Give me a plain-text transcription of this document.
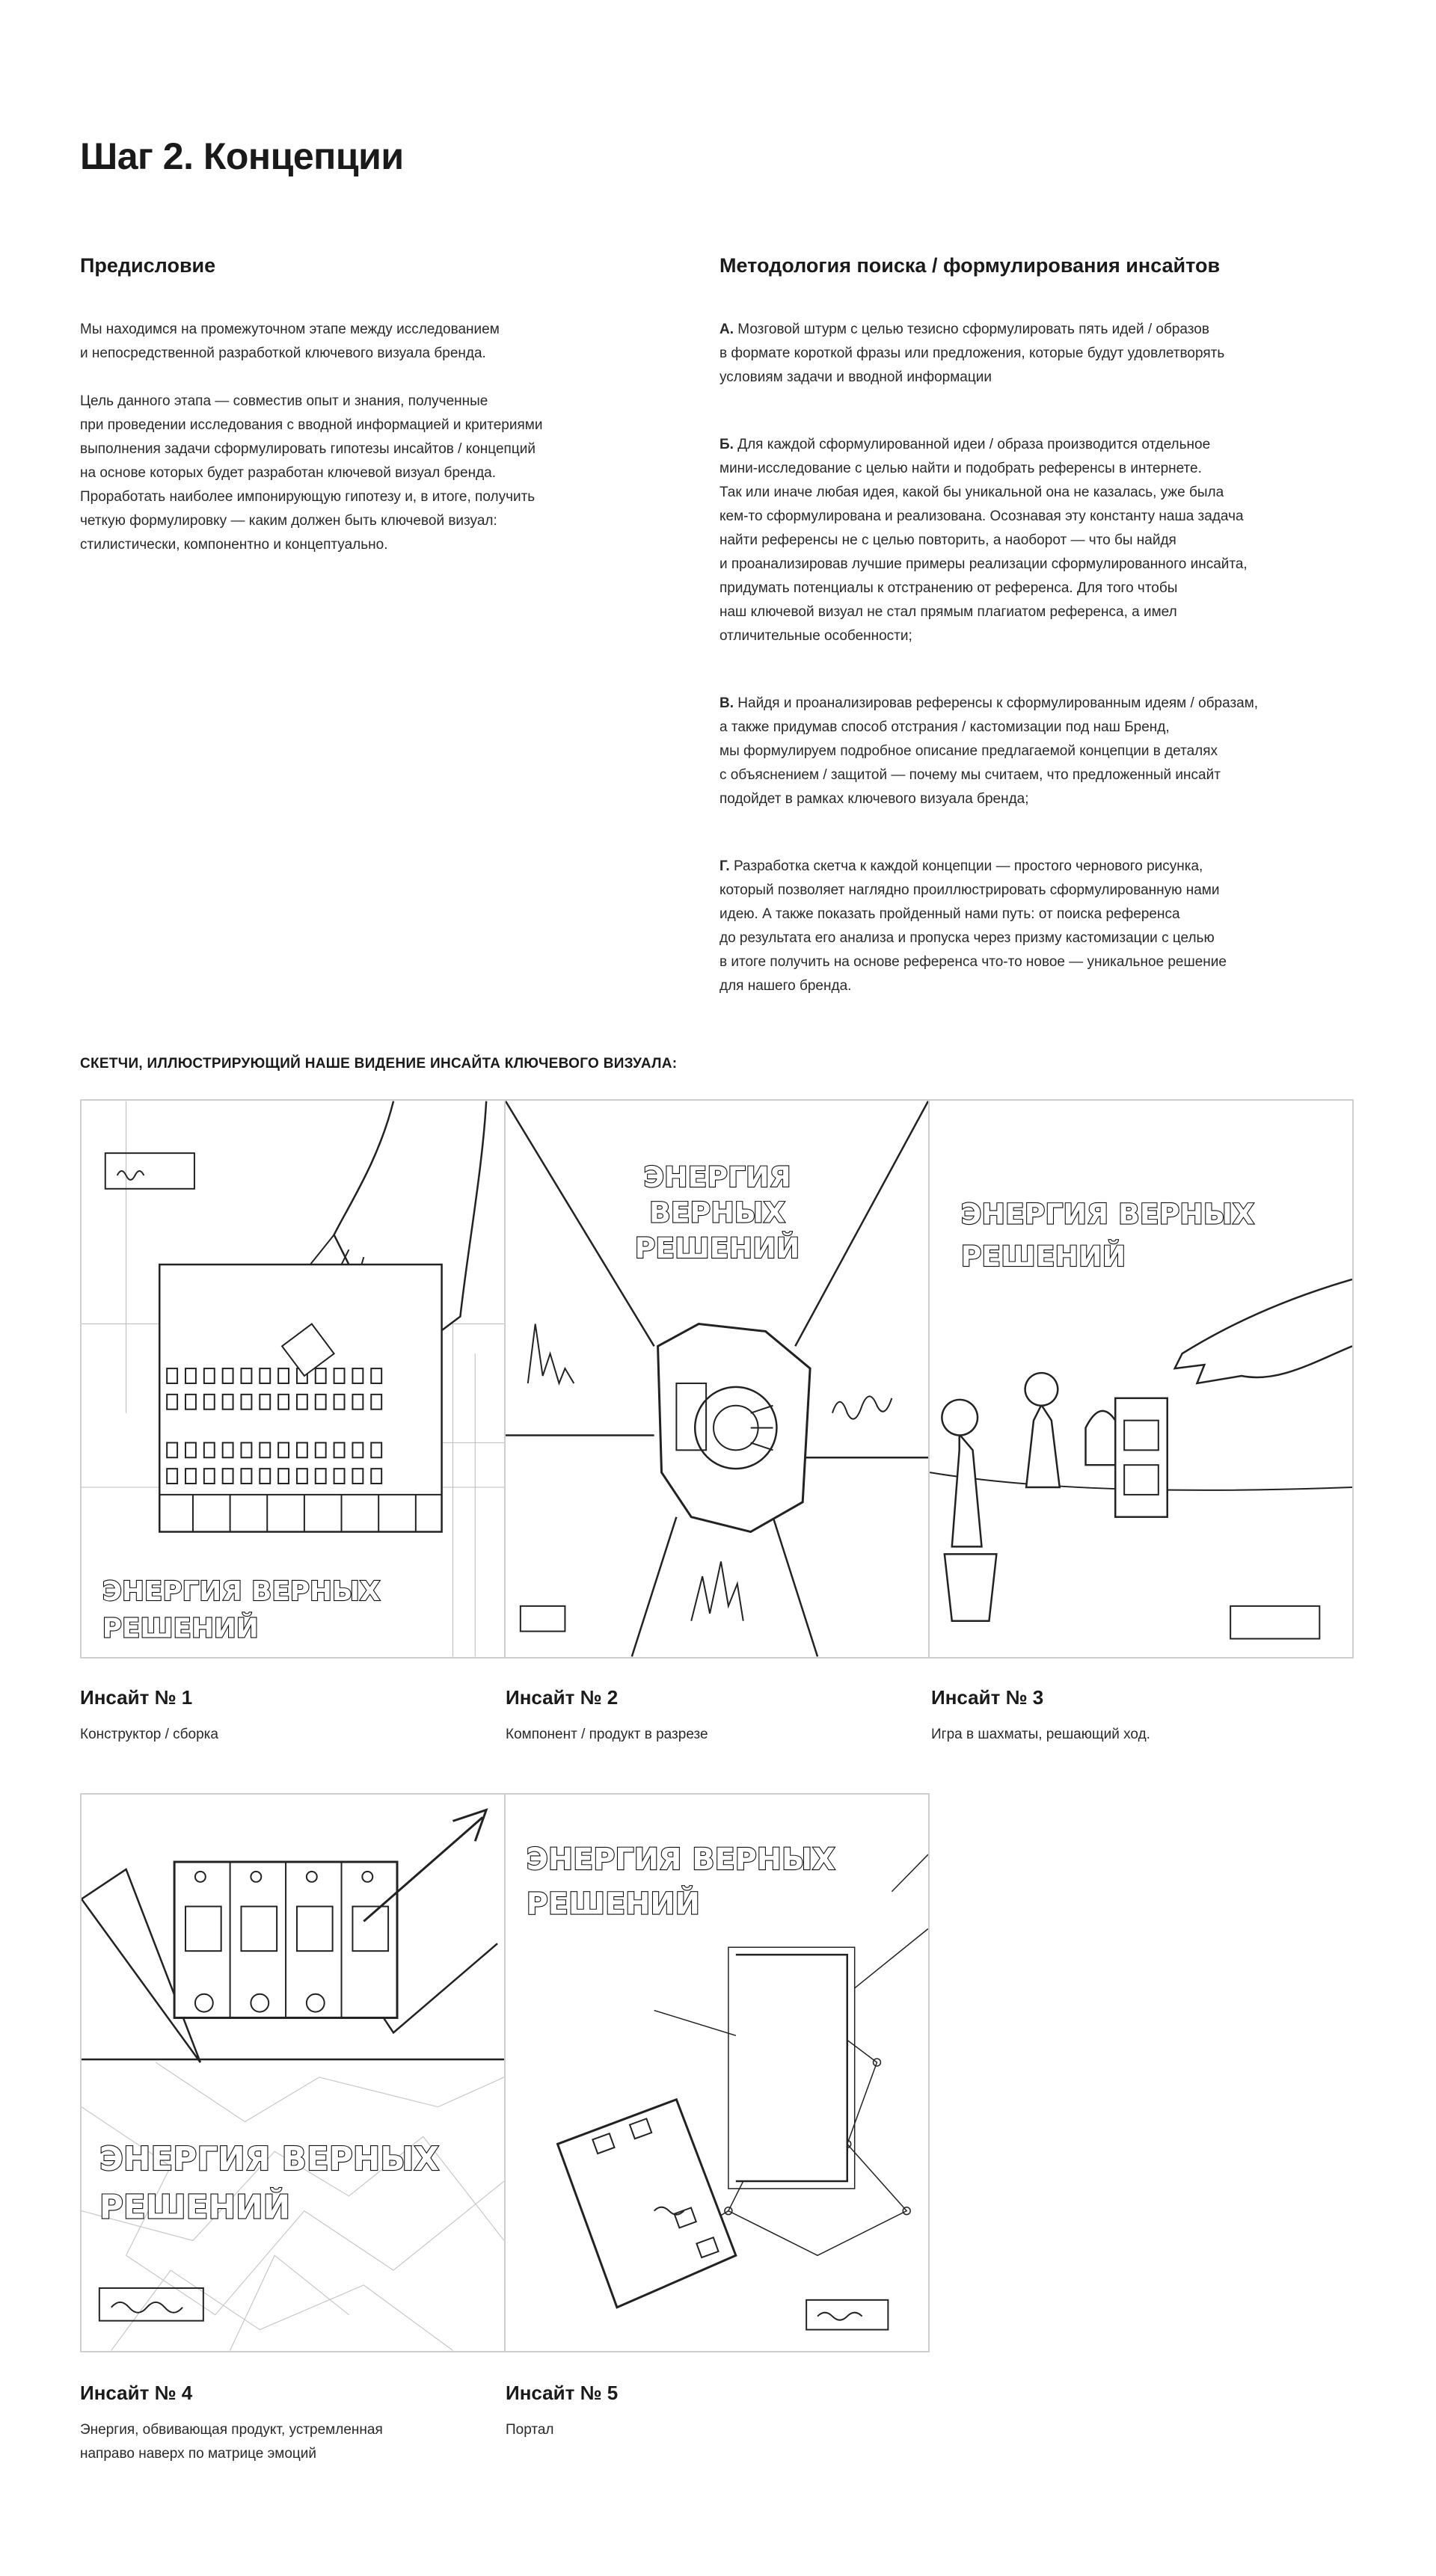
Шаг 2. Концепции
Предисловие

Мы находимся на промежуточном этапе между исследованием
и непосредственной разработкой ключевого визуала бренда.

Цель данного этапа — совместив опыт и знания, полученные
при проведении исследования с вводной информацией и критериями
выполнения задачи сформулировать гипотезы инсайтов / концепций
на основе которых будет разработан ключевой визуал бренда.
Проработать наиболее импонирующую гипотезу и, в итоге, получить
четкую формулировку — каким должен быть ключевой визуал:
стилистически, компонентно и концептуально.

Методология поиска / формулирования инсайтов

А. Мозговой штурм с целью тезисно сформулировать пять идей / образов
в формате короткой фразы или предложения, которые будут удовлетворять
условиям задачи и вводной информации

Б. Для каждой сформулированной идеи / образа производится отдельное
мини-исследование с целью найти и подобрать референсы в интернете.
Так или иначе любая идея, какой бы уникальной она не казалась, уже была
кем-то сформулирована и реализована. Осознавая эту константу наша задача
найти референсы не с целью повторить, а наоборот — что бы найдя
и проанализировав лучшие примеры реализации сформулированного инсайта,
придумать потенциалы к отстранению от референса. Для того чтобы
наш ключевой визуал не стал прямым плагиатом референса, а имел
отличительные особенности;

В. Найдя и проанализировав референсы к сформулированным идеям / образам,
а также придумав способ отстрания / кастомизации под наш Бренд,
мы формулируем подробное описание предлагаемой концепции в деталях
с объяснением / защитой — почему мы считаем, что предложенный инсайт
подойдет в рамках ключевого визуала бренда;

Г. Разработка скетча к каждой концепции — простого чернового рисунка,
который позволяет наглядно проиллюстрировать сформулированную нами
идею. А также показать пройденный нами путь: от поиска референса
до результата его анализа и пропуска через призму кастомизации с целью
в итоге получить на основе референса что-то новое — уникальное решение
для нашего бренда.

СКЕТЧИ, ИЛЛЮСТРИРУЮЩИЙ НАШЕ ВИДЕНИЕ ИНСАЙТА КЛЮЧЕВОГО ВИЗУАЛА:
ЭНЕРГИЯ ВЕРНЫХ
РЕШЕНИЙ
ЭНЕРГИЯ
ВЕРНЫХ
РЕШЕНИЙ
ЭНЕРГИЯ ВЕРНЫХ
РЕШЕНИЙ
Инсайт № 1

Конструктор / сборка

Инсайт № 2

Компонент / продукт в разрезе

Инсайт № 3

Игра в шахматы, решающий ход.

ЭНЕРГИЯ ВЕРНЫХ
РЕШЕНИЙ
ЭНЕРГИЯ ВЕРНЫХ
РЕШЕНИЙ
Инсайт № 4

Энергия, обвивающая продукт, устремленная
направо наверх по матрице эмоций

Инсайт № 5

Портал
